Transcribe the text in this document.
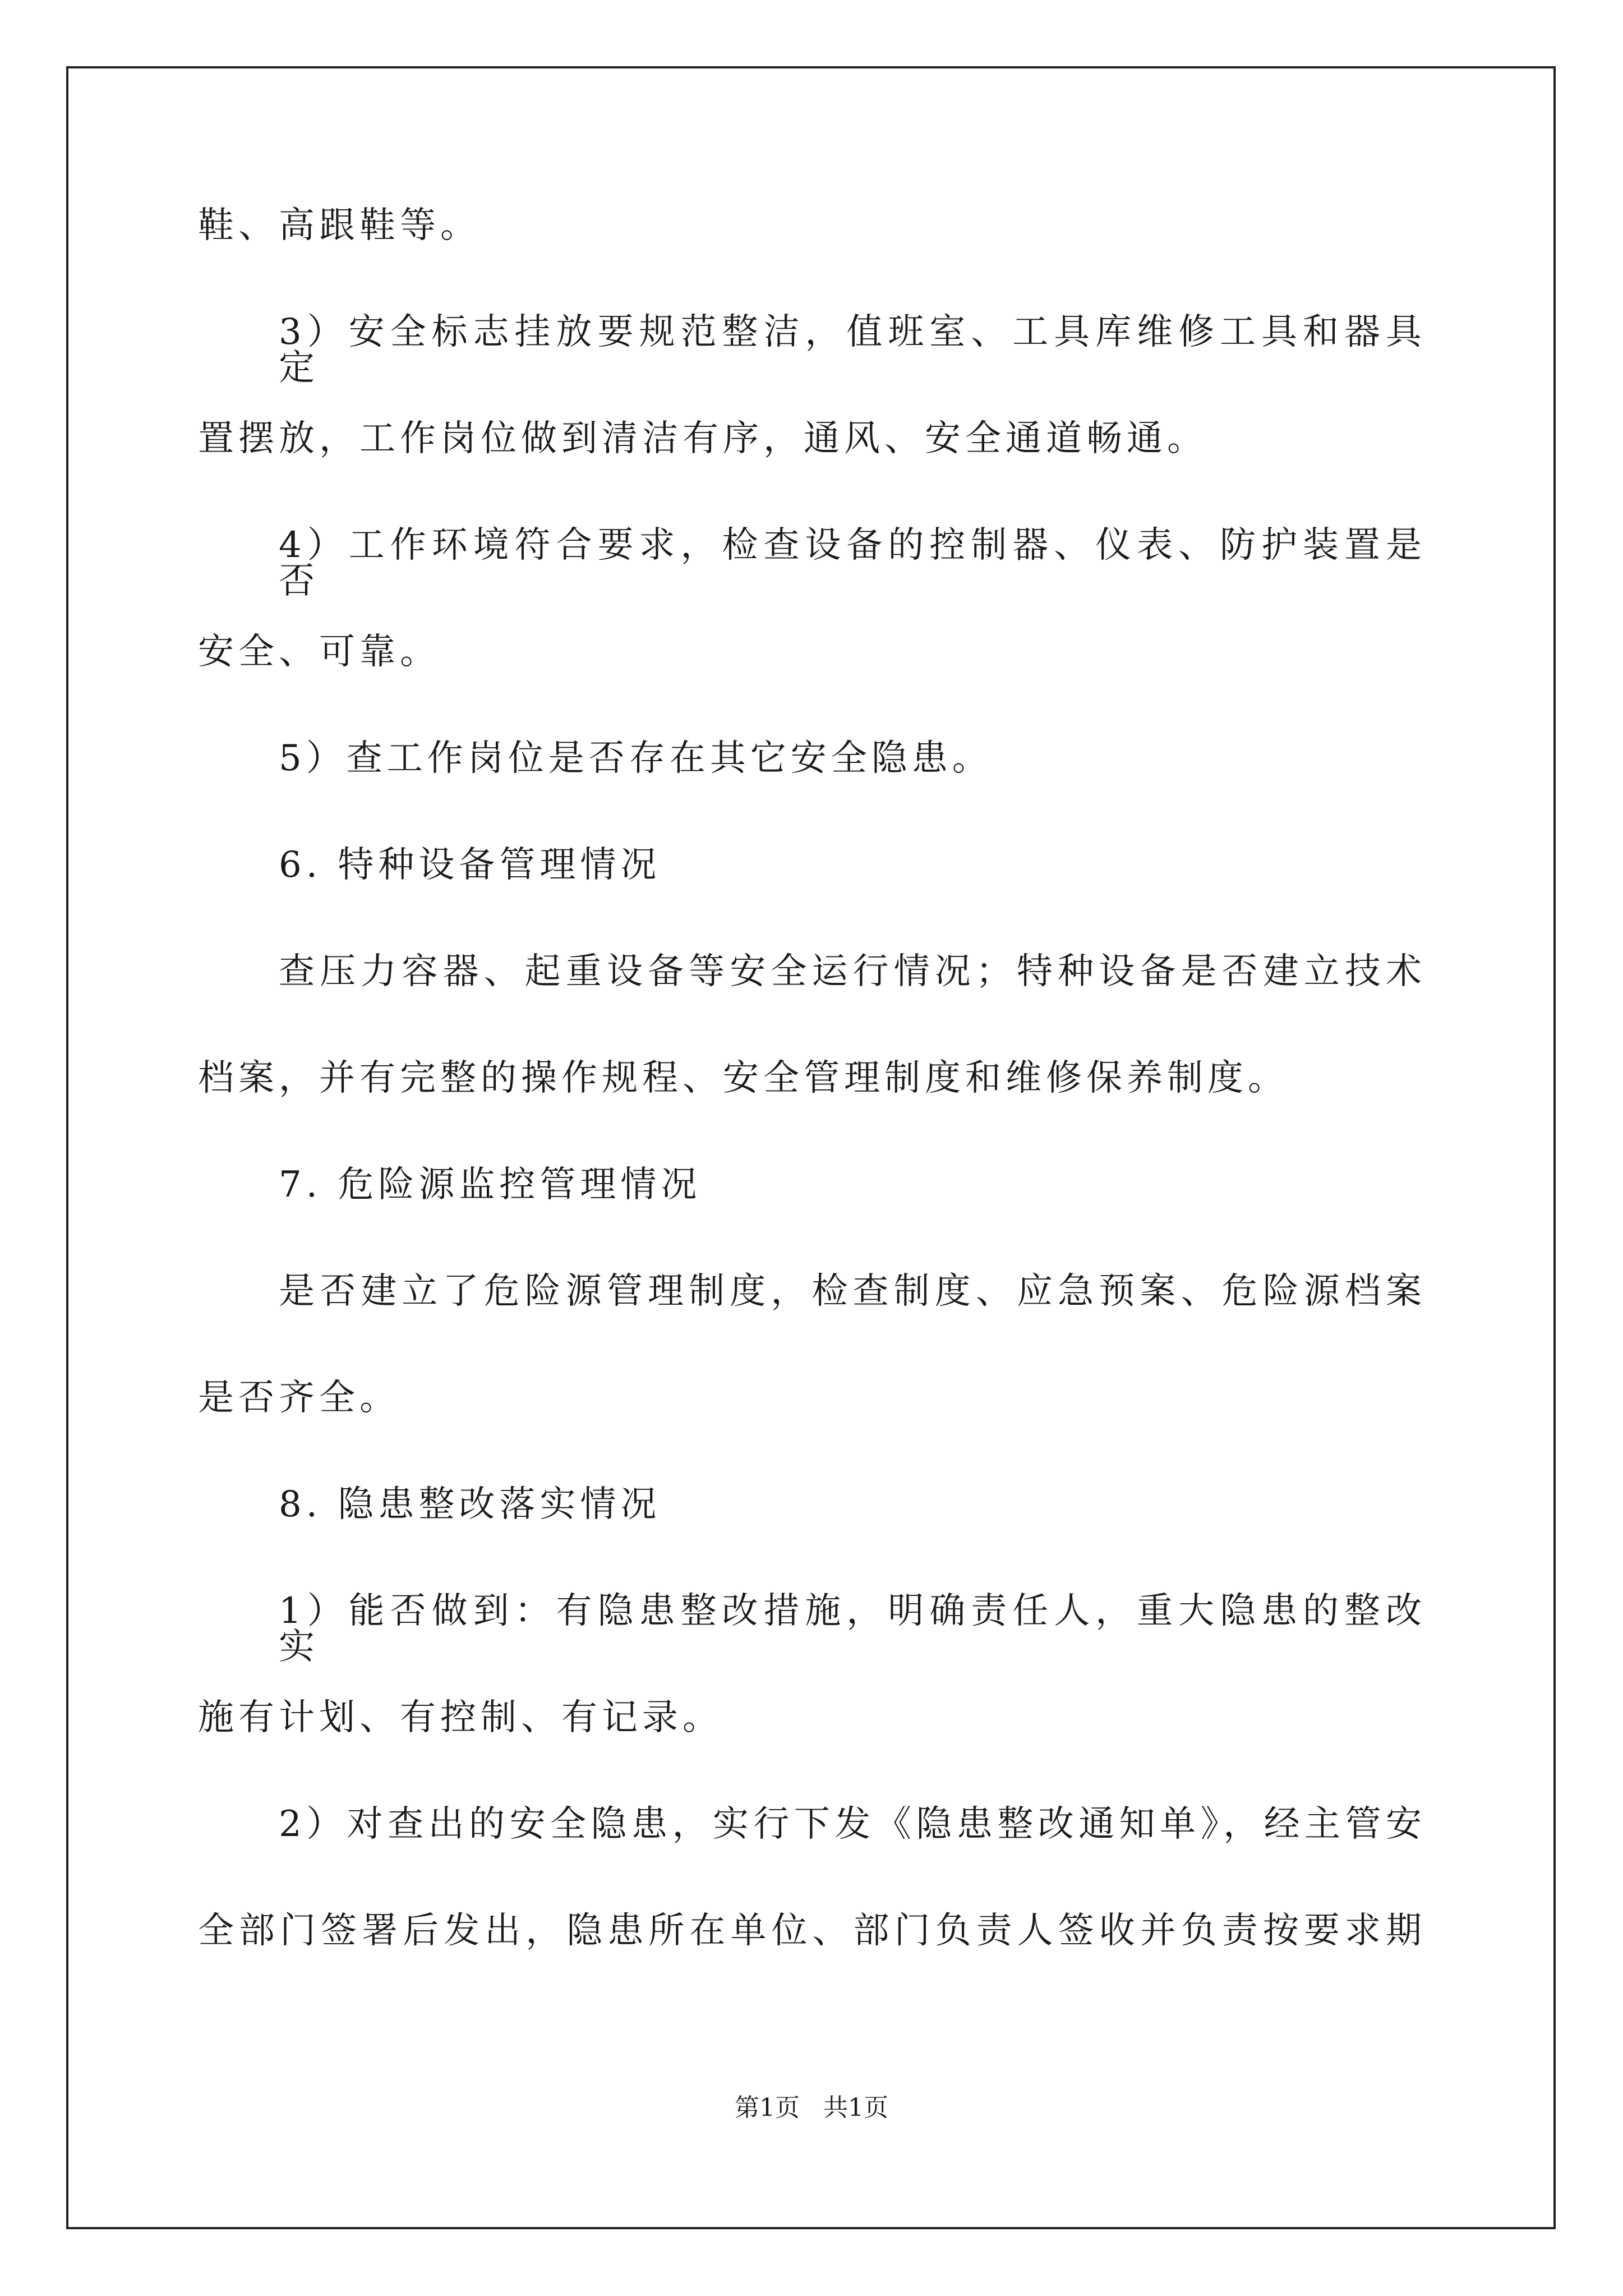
鞋、高跟鞋等。
3）安全标志挂放要规范整洁，值班室、工具库维修工具和器具定
置摆放，工作岗位做到清洁有序，通风、安全通道畅通。
4）工作环境符合要求，检查设备的控制器、仪表、防护装置是否
安全、可靠。
5）查工作岗位是否存在其它安全隐患。
6. 特种设备管理情况
查压力容器、起重设备等安全运行情况；特种设备是否建立技术
档案，并有完整的操作规程、安全管理制度和维修保养制度。
7. 危险源监控管理情况
是否建立了危险源管理制度，检查制度、应急预案、危险源档案
是否齐全。
8. 隐患整改落实情况
1）能否做到：有隐患整改措施，明确责任人，重大隐患的整改实
施有计划、有控制、有记录。
2）对查出的安全隐患，实行下发《隐患整改通知单》，经主管安
全部门签署后发出，隐患所在单位、部门负责人签收并负责按要求期
第1页   共1页
